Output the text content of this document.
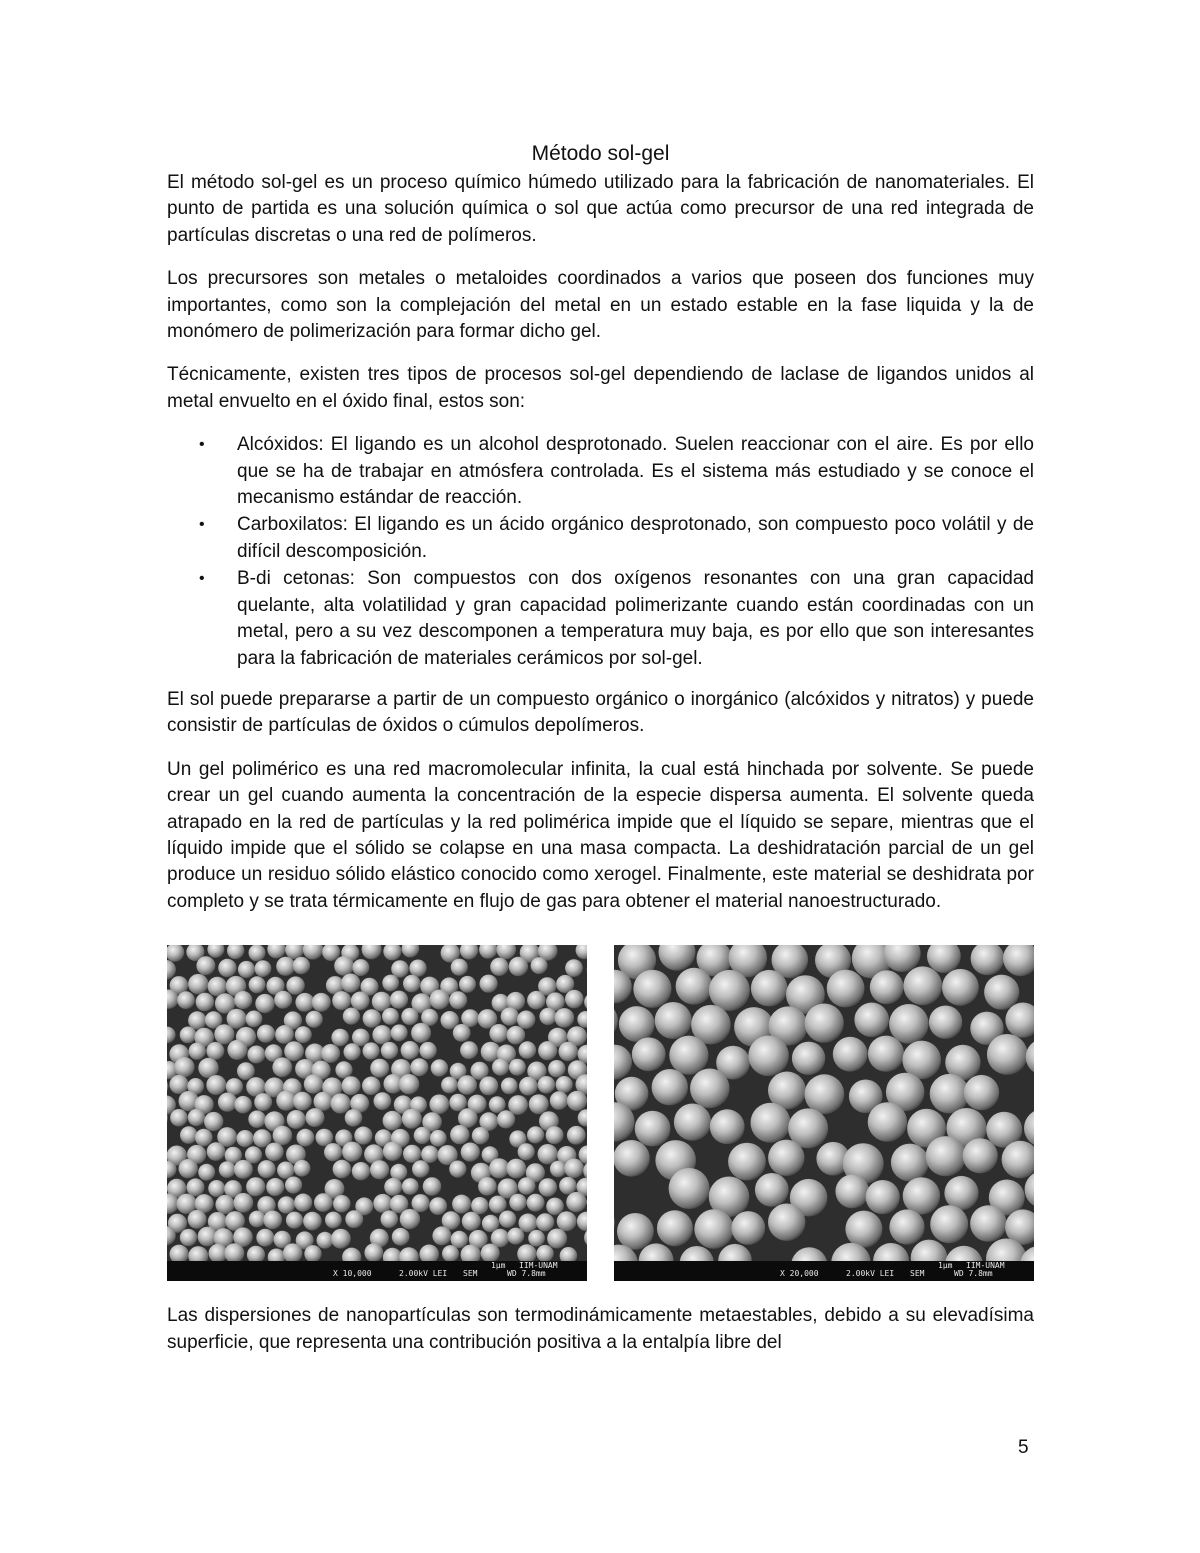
Método sol-gel

El método sol-gel es un proceso químico húmedo utilizado para la fabricación de nanomateriales. El punto de partida es una solución química o sol que actúa como precursor de una red integrada de partículas discretas o una red de polímeros.

Los precursores son metales o metaloides coordinados a varios que poseen dos funciones muy importantes, como son la complejación del metal en un estado estable en la fase liquida y la de monómero de polimerización para formar dicho gel.

Técnicamente, existen tres tipos de procesos sol-gel dependiendo de laclase de ligandos unidos al metal envuelto en el óxido final, estos son:

• Alcóxidos: El ligando es un alcohol desprotonado. Suelen reaccionar con el aire. Es por ello que se ha de trabajar en atmósfera controlada. Es el sistema más estudiado y se conoce el mecanismo estándar de reacción.
• Carboxilatos: El ligando es un ácido orgánico desprotonado, son compuesto poco volátil y de difícil descomposición.
• B-di cetonas: Son compuestos con dos oxígenos resonantes con una gran capacidad quelante, alta volatilidad y gran capacidad polimerizante cuando están coordinadas con un metal, pero a su vez descomponen a temperatura muy baja, es por ello que son interesantes para la fabricación de materiales cerámicos por sol-gel.

El sol puede prepararse a partir de un compuesto orgánico o inorgánico (alcóxidos y nitratos) y puede consistir de partículas de óxidos o cúmulos depolímeros.

Un gel polimérico es una red macromolecular infinita, la cual está hinchada por solvente. Se puede crear un gel cuando aumenta la concentración de la especie dispersa aumenta. El solvente queda atrapado en la red de partículas y la red polimérica impide que el líquido se separe, mientras que el líquido impide que el sólido se colapse en una masa compacta. La deshidratación parcial de un gel produce un residuo sólido elástico conocido como xerogel. Finalmente, este material se deshidrata por completo y se trata térmicamente en flujo de gas para obtener el material nanoestructurado.

X 10,000	2.00kV LEI SEM	WD 7.8mm
1μm IIM-UNAM
X 20,000	2.00kV LEI SEM	WD 7.8mm
1μm IIM-UNAM

Las dispersiones de nanopartículas son termodinámicamente metaestables, debido a su elevadísima superficie, que representa una contribución positiva a la entalpía libre del

5
